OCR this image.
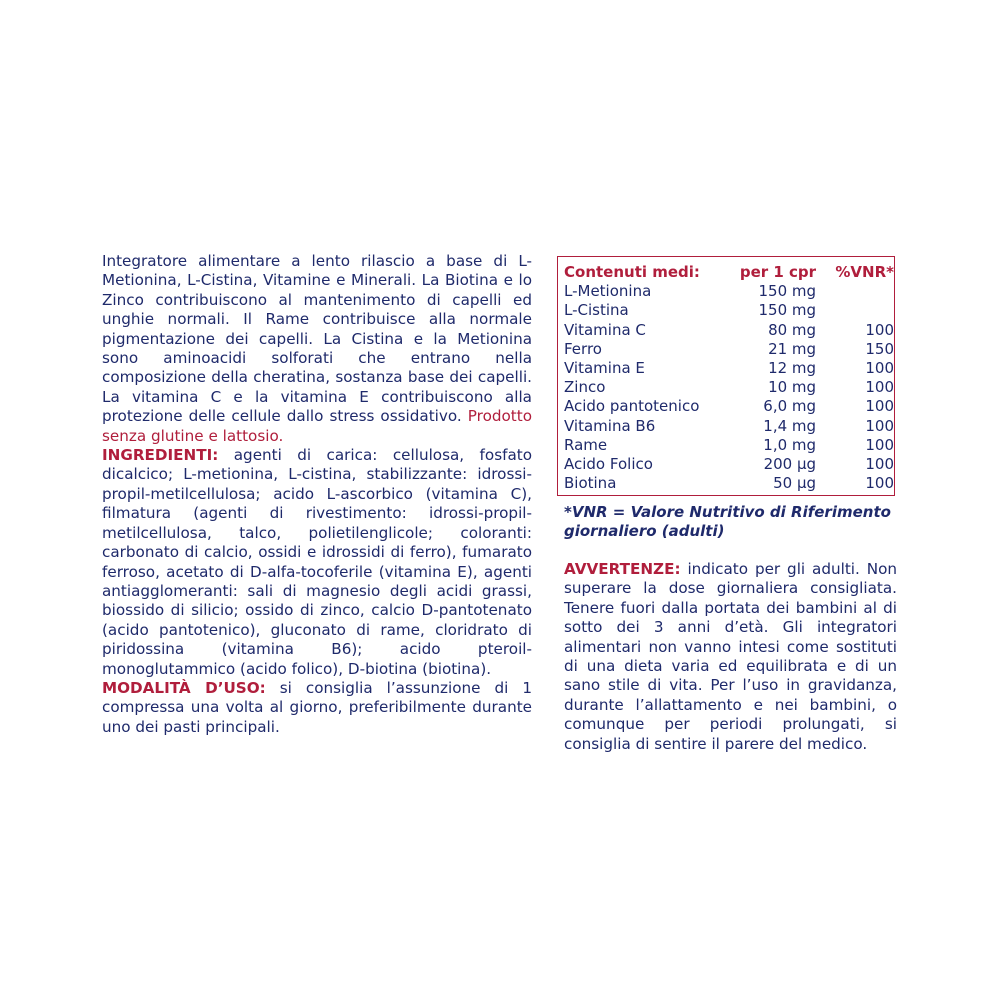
Integratore alimentare a lento rilascio a base di L-Metionina, L-Cistina, Vitamine e Minerali. La Biotina e lo Zinco contribuiscono al mantenimento di capelli ed unghie normali. Il Rame contribuisce alla normale pigmentazione dei capelli. La Cistina e la Metionina sono aminoacidi solforati che entrano nella composizione della cheratina, sostanza base dei capelli. La vitamina C e la vitamina E contribuiscono alla protezione delle cellule dallo stress ossidativo. Prodotto senza glutine e lattosio.

INGREDIENTI: agenti di carica: cellulosa, fosfato dicalcico; L-metionina, L-cistina, stabilizzante: idrossi-propil-metilcellulosa; acido L-ascorbico (vitamina C), filmatura (agenti di rivestimento: idrossi-propil-metilcellulosa, talco, polietilenglicole; coloranti: carbonato di calcio, ossidi e idrossidi di ferro), fumarato ferroso, acetato di D-alfa-tocoferile (vitamina E), agenti antiagglomeranti: sali di magnesio degli acidi grassi, biossido di silicio; ossido di zinco, calcio D-pantotenato (acido pantotenico), gluconato di rame, cloridrato di piridossina (vitamina B6); acido pteroil-monoglutammico (acido folico), D-biotina (biotina).

MODALITÀ D’USO: si consiglia l’assunzione di 1 compressa una volta al giorno, preferibilmente durante uno dei pasti principali.

Contenuti medi:	per 1 cpr	%VNR*
L-Metionina	150 mg	
L-Cistina	150 mg	
Vitamina C	80 mg	100
Ferro	21 mg	150
Vitamina E	12 mg	100
Zinco	10 mg	100
Acido pantotenico	6,0 mg	100
Vitamina B6	1,4 mg	100
Rame	1,0 mg	100
Acido Folico	200 µg	100
Biotina	50 µg	100
*VNR = Valore Nutritivo di Riferimento giornaliero (adulti)

AVVERTENZE: indicato per gli adulti. Non superare la dose giornaliera consigliata. Tenere fuori dalla portata dei bambini al di sotto dei 3 anni d’età. Gli integratori alimentari non vanno intesi come sostituti di una dieta varia ed equilibrata e di un sano stile di vita. Per l’uso in gravidanza, durante l’allattamento e nei bambini, o comunque per periodi prolungati, si consiglia di sentire il parere del medico.
